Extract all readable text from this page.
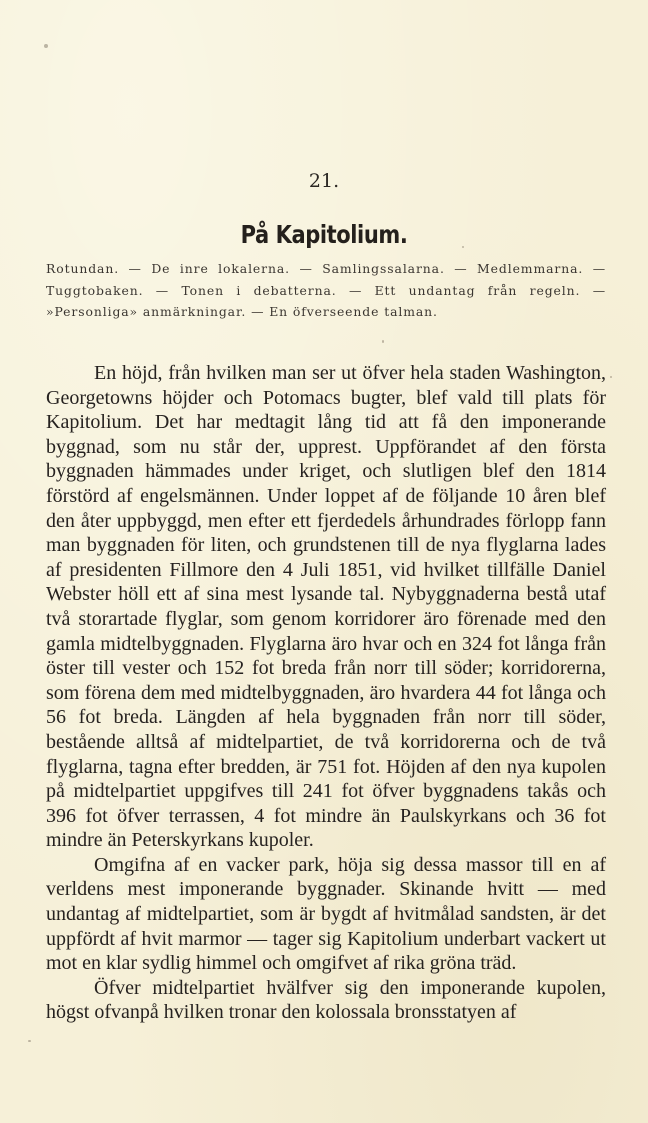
21.
På Kapitolium.
Rotundan. — De inre lokalerna. — Samlingssalarna. — Medlemmarna. — Tuggtobaken. — Tonen i debatterna. — Ett undantag från regeln. — »Personliga» anmärkningar. — En öfverseende talman.

En höjd, från hvilken man ser ut öfver hela staden Washington, Georgetowns höjder och Potomacs bugter, blef vald till plats för Kapitolium. Det har medtagit lång tid att få den imponerande byggnad, som nu står der, upprest. Uppförandet af den första byggnaden hämmades under kriget, och slutligen blef den 1814 förstörd af engelsmännen. Under loppet af de följande 10 åren blef den åter uppbyggd, men efter ett fjerdedels århundrades förlopp fann man byggnaden för liten, och grundstenen till de nya flyglarna lades af presidenten Fillmore den 4 Juli 1851, vid hvilket tillfälle Daniel Webster höll ett af sina mest lysande tal. Nybyggnaderna bestå utaf två storartade flyglar, som genom korridorer äro förenade med den gamla midtelbyggnaden. Flyglarna äro hvar och en 324 fot långa från öster till vester och 152 fot breda från norr till söder; korridorerna, som förena dem med midtelbyggnaden, äro hvardera 44 fot långa och 56 fot breda. Längden af hela byggnaden från norr till söder, bestående alltså af midtelpartiet, de två korridorerna och de två flyglarna, tagna efter bredden, är 751 fot. Höjden af den nya kupolen på midtelpartiet uppgifves till 241 fot öfver byggnadens takås och 396 fot öfver terrassen, 4 fot mindre än Paulskyrkans och 36 fot mindre än Peterskyrkans kupoler.

Omgifna af en vacker park, höja sig dessa massor till en af verldens mest imponerande byggnader. Skinande hvitt — med undantag af midtelpartiet, som är bygdt af hvitmålad sandsten, är det uppfördt af hvit marmor — tager sig Kapitolium underbart vackert ut mot en klar sydlig himmel och omgifvet af rika gröna träd.

Öfver midtelpartiet hvälfver sig den imponerande kupolen, högst ofvanpå hvilken tronar den kolossala bronsstatyen af
